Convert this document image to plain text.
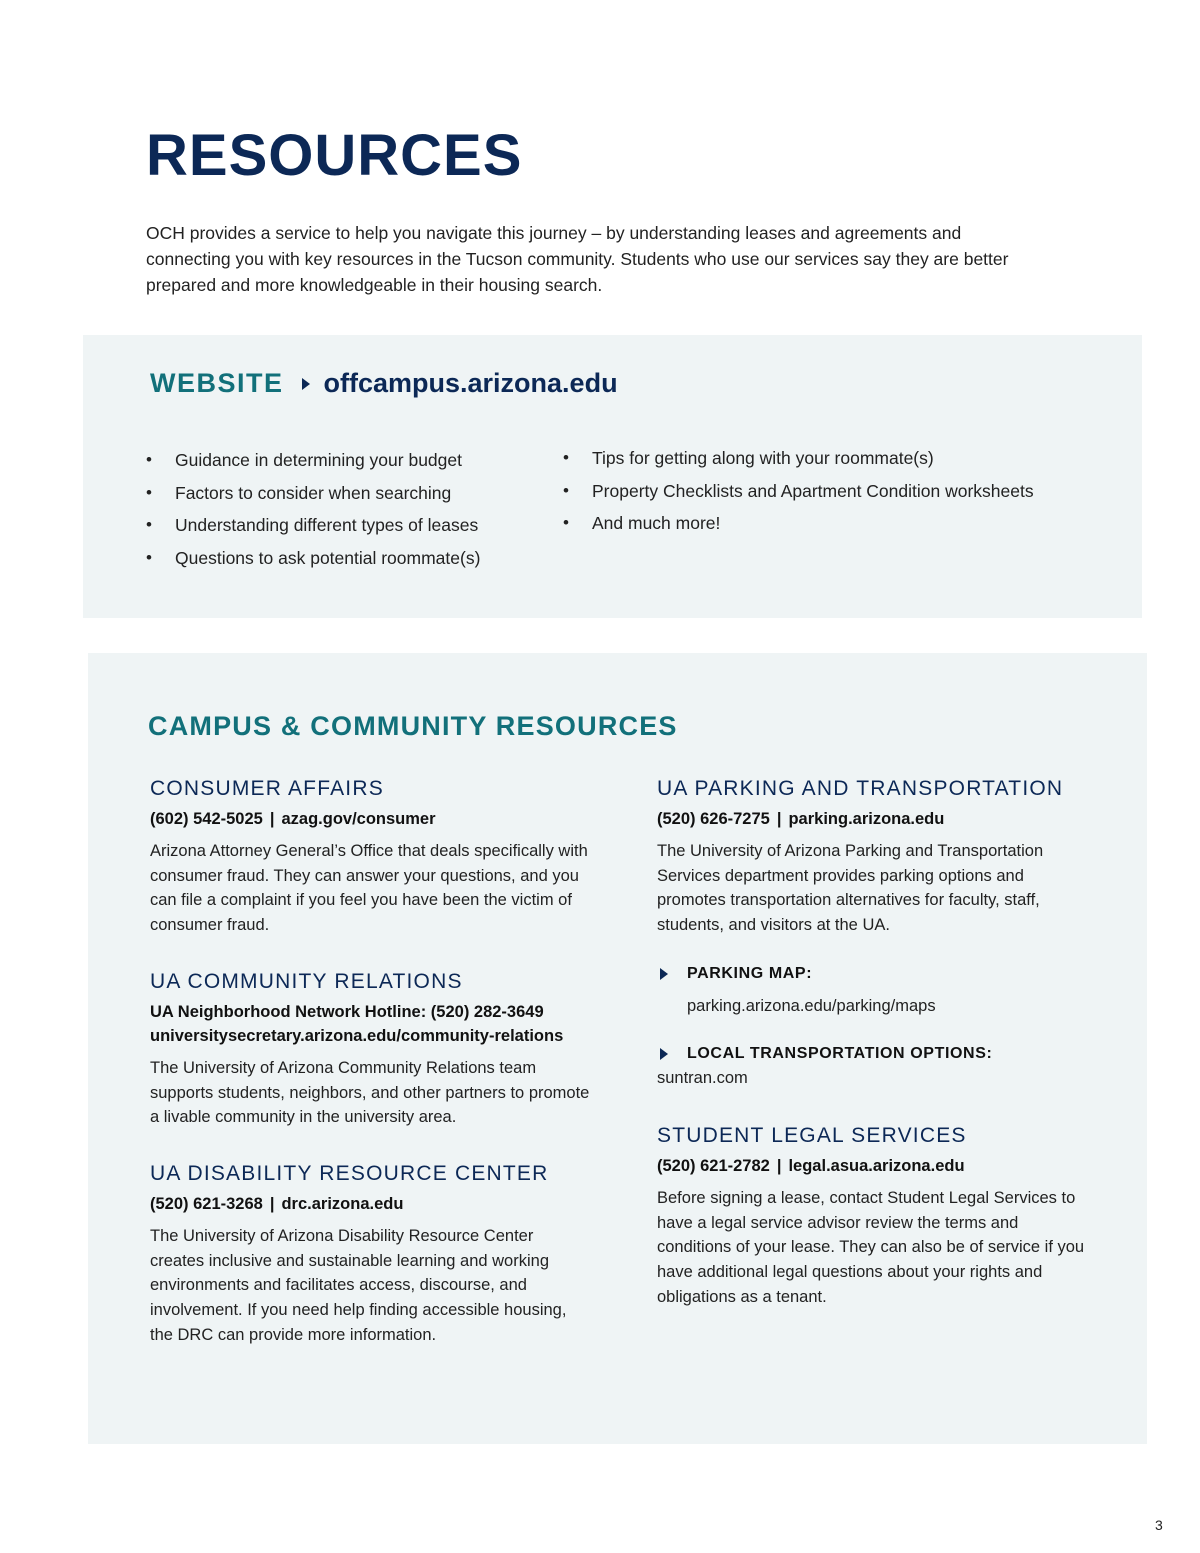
RESOURCES

OCH provides a service to help you navigate this journey – by understanding leases and agreements and connecting you with key resources in the Tucson community. Students who use our services say they are better prepared and more knowledgeable in their housing search.

WEBSITE offcampus.arizona.edu
• Guidance in determining your budget
• Factors to consider when searching
• Understanding different types of leases
• Questions to ask potential roommate(s)
• Tips for getting along with your roommate(s)
• Property Checklists and Apartment Condition worksheets
• And much more!
CAMPUS & COMMUNITY RESOURCES
CONSUMER AFFAIRS

(602) 542-5025 | azag.gov/consumer

Arizona Attorney General’s Office that deals specifically with consumer fraud. They can answer your questions, and you can file a complaint if you feel you have been the victim of consumer fraud.

UA COMMUNITY RELATIONS

UA Neighborhood Network Hotline: (520) 282-3649
universitysecretary.arizona.edu/community-relations

The University of Arizona Community Relations team supports students, neighbors, and other partners to promote a livable community in the university area.

UA DISABILITY RESOURCE CENTER

(520) 621-3268 | drc.arizona.edu

The University of Arizona Disability Resource Center creates inclusive and sustainable learning and working environments and facilitates access, discourse, and involvement. If you need help finding accessible housing, the DRC can provide more information.

UA PARKING AND TRANSPORTATION

(520) 626-7275 | parking.arizona.edu

The University of Arizona Parking and Transportation Services department provides parking options and promotes transportation alternatives for faculty, staff, students, and visitors at the UA.

PARKING MAP:

parking.arizona.edu/parking/maps

LOCAL TRANSPORTATION OPTIONS:

suntran.com

STUDENT LEGAL SERVICES

(520) 621-2782 | legal.asua.arizona.edu

Before signing a lease, contact Student Legal Services to have a legal service advisor review the terms and conditions of your lease. They can also be of service if you have additional legal questions about your rights and obligations as a tenant.

3
